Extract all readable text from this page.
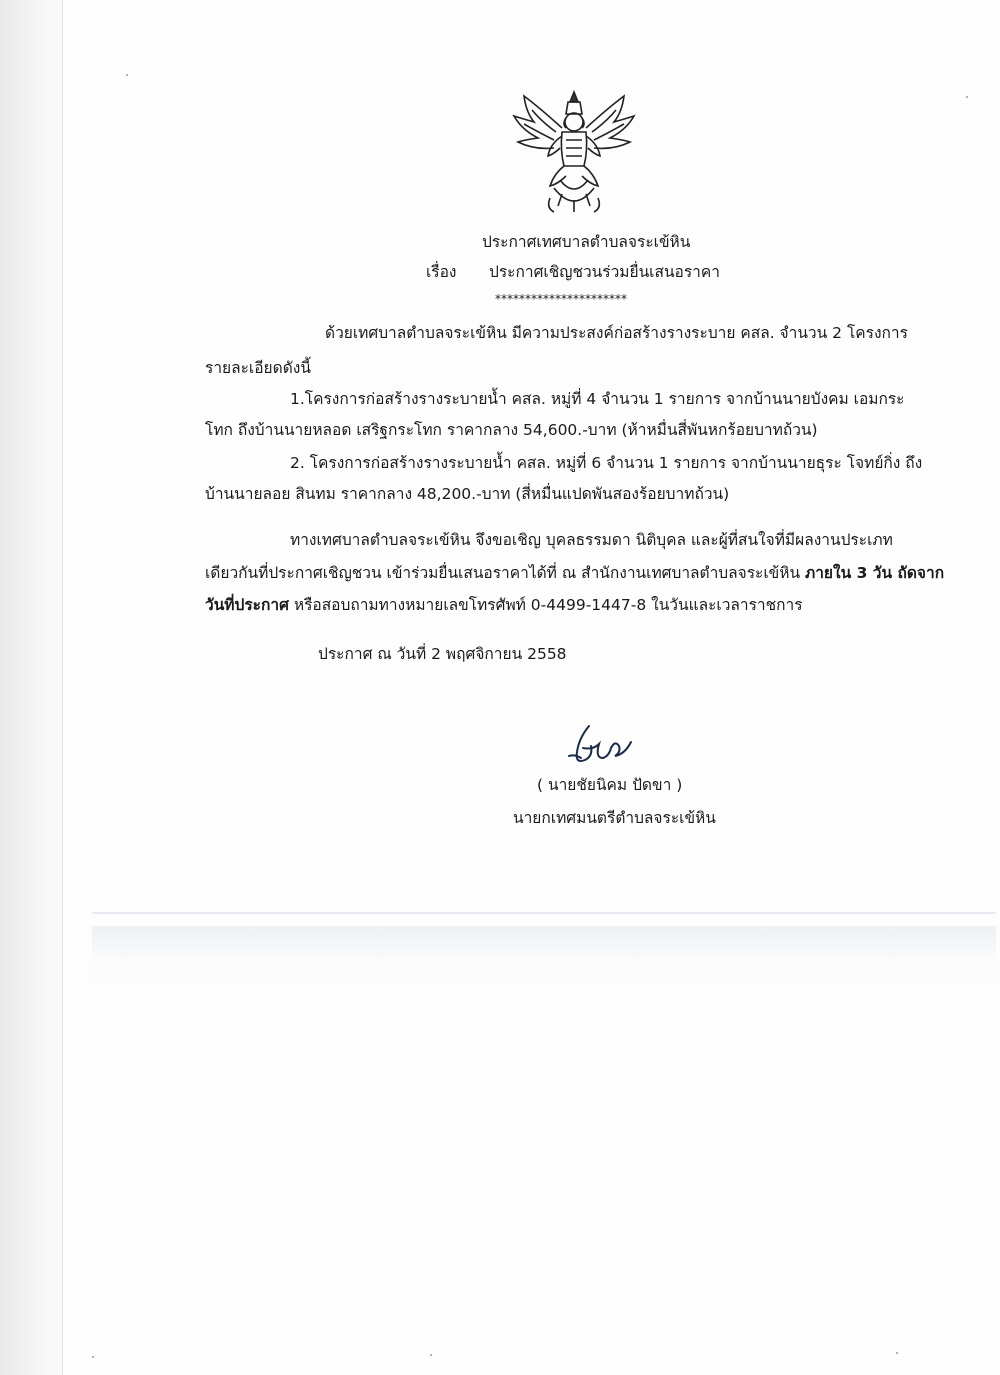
ประกาศเทศบาลตำบลจระเข้หิน
เรื่อง ประกาศเชิญชวนร่วมยื่นเสนอราคา
**********************
ด้วยเทศบาลตำบลจระเข้หิน มีความประสงค์ก่อสร้างรางระบาย คสล. จำนวน 2 โครงการ
รายละเอียดดังนี้
1.โครงการก่อสร้างรางระบายน้ำ คสล. หมู่ที่ 4 จำนวน 1 รายการ จากบ้านนายบังคม เอมกระ
โทก ถึงบ้านนายหลอด เสริฐกระโทก ราคากลาง 54,600.-บาท (ห้าหมื่นสี่พันหกร้อยบาทถ้วน)
2. โครงการก่อสร้างรางระบายน้ำ คสล. หมู่ที่ 6 จำนวน 1 รายการ จากบ้านนายธุระ โจทย์กิ่ง ถึง
บ้านนายลอย สินทม ราคากลาง 48,200.-บาท (สี่หมื่นแปดพันสองร้อยบาทถ้วน)
ทางเทศบาลตำบลจระเข้หิน จึงขอเชิญ บุคลธรรมดา นิติบุคล และผู้ที่สนใจที่มีผลงานประเภท
เดียวกันที่ประกาศเชิญชวน เข้าร่วมยื่นเสนอราคาได้ที่ ณ สำนักงานเทศบาลตำบลจระเข้หิน ภายใน 3 วัน ถัดจาก
วันที่ประกาศ หรือสอบถามทางหมายเลขโทรศัพท์ 0-4499-1447-8 ในวันและเวลาราชการ
ประกาศ ณ วันที่ 2 พฤศจิกายน 2558
( นายชัยนิคม ปัดขา )
นายกเทศมนตรีตำบลจระเข้หิน
